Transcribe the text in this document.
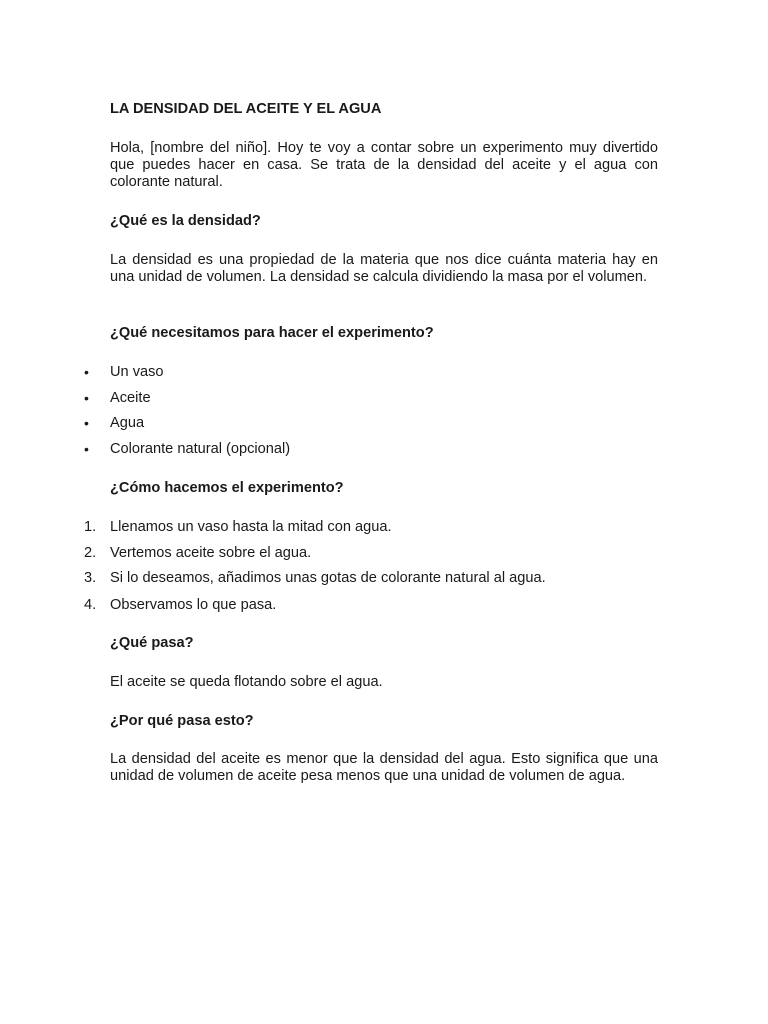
LA DENSIDAD DEL ACEITE Y EL AGUA

Hola, [nombre del niño]. Hoy te voy a contar sobre un experimento muy divertido que puedes hacer en casa. Se trata de la densidad del aceite y el agua con colorante natural.

¿Qué es la densidad?

La densidad es una propiedad de la materia que nos dice cuánta materia hay en una unidad de volumen. La densidad se calcula dividiendo la masa por el volumen.

¿Qué necesitamos para hacer el experimento?
• Un vaso
• Aceite
• Agua
• Colorante natural (opcional)
¿Cómo hacemos el experimento?
1. Llenamos un vaso hasta la mitad con agua.
2. Vertemos aceite sobre el agua.
3. Si lo deseamos, añadimos unas gotas de colorante natural al agua.
4. Observamos lo que pasa.
¿Qué pasa?

El aceite se queda flotando sobre el agua.

¿Por qué pasa esto?

La densidad del aceite es menor que la densidad del agua. Esto significa que una unidad de volumen de aceite pesa menos que una unidad de volumen de agua.
